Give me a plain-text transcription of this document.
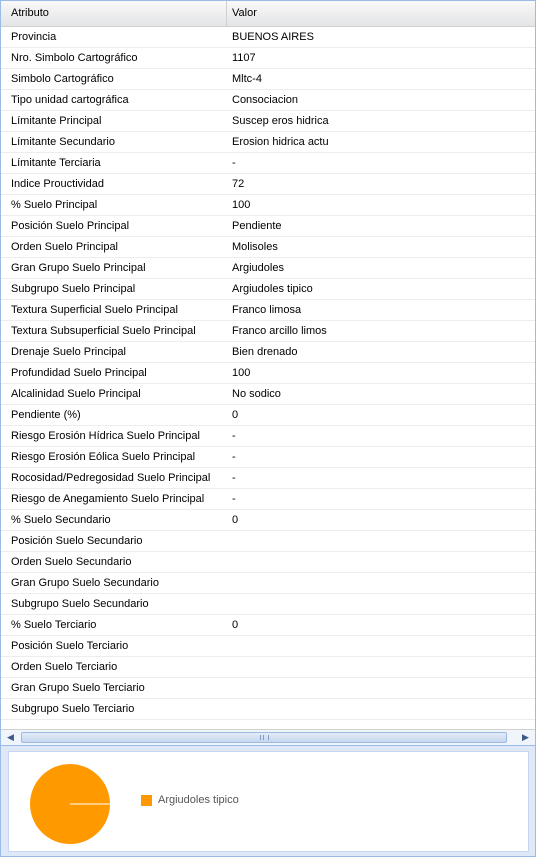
Atributo	Valor
Provincia	BUENOS AIRES
Nro. Simbolo Cartográfico	1107
Simbolo Cartográfico	Mltc-4
Tipo unidad cartográfica	Consociacion
Límitante Principal	Suscep eros hidrica
Límitante Secundario	Erosion hidrica actu
Límitante Terciaria	-
Indice Prouctividad	72
% Suelo Principal	100
Posición Suelo Principal	Pendiente
Orden Suelo Principal	Molisoles
Gran Grupo Suelo Principal	Argiudoles
Subgrupo Suelo Principal	Argiudoles tipico
Textura Superficial Suelo Principal	Franco limosa
Textura Subsuperficial Suelo Principal	Franco arcillo limos
Drenaje Suelo Principal	Bien drenado
Profundidad Suelo Principal	100
Alcalinidad Suelo Principal	No sodico
Pendiente (%)	0
Riesgo Erosión Hídrica Suelo Principal	-
Riesgo Erosión Eólica Suelo Principal	-
Rocosidad/Pedregosidad Suelo Principal	-
Riesgo de Anegamiento Suelo Principal	-
% Suelo Secundario	0
Posición Suelo Secundario
Orden Suelo Secundario
Gran Grupo Suelo Secundario
Subgrupo Suelo Secundario
% Suelo Terciario	0
Posición Suelo Terciario
Orden Suelo Terciario
Gran Grupo Suelo Terciario
Subgrupo Suelo Terciario
◀	▶
Argiudoles tipico
